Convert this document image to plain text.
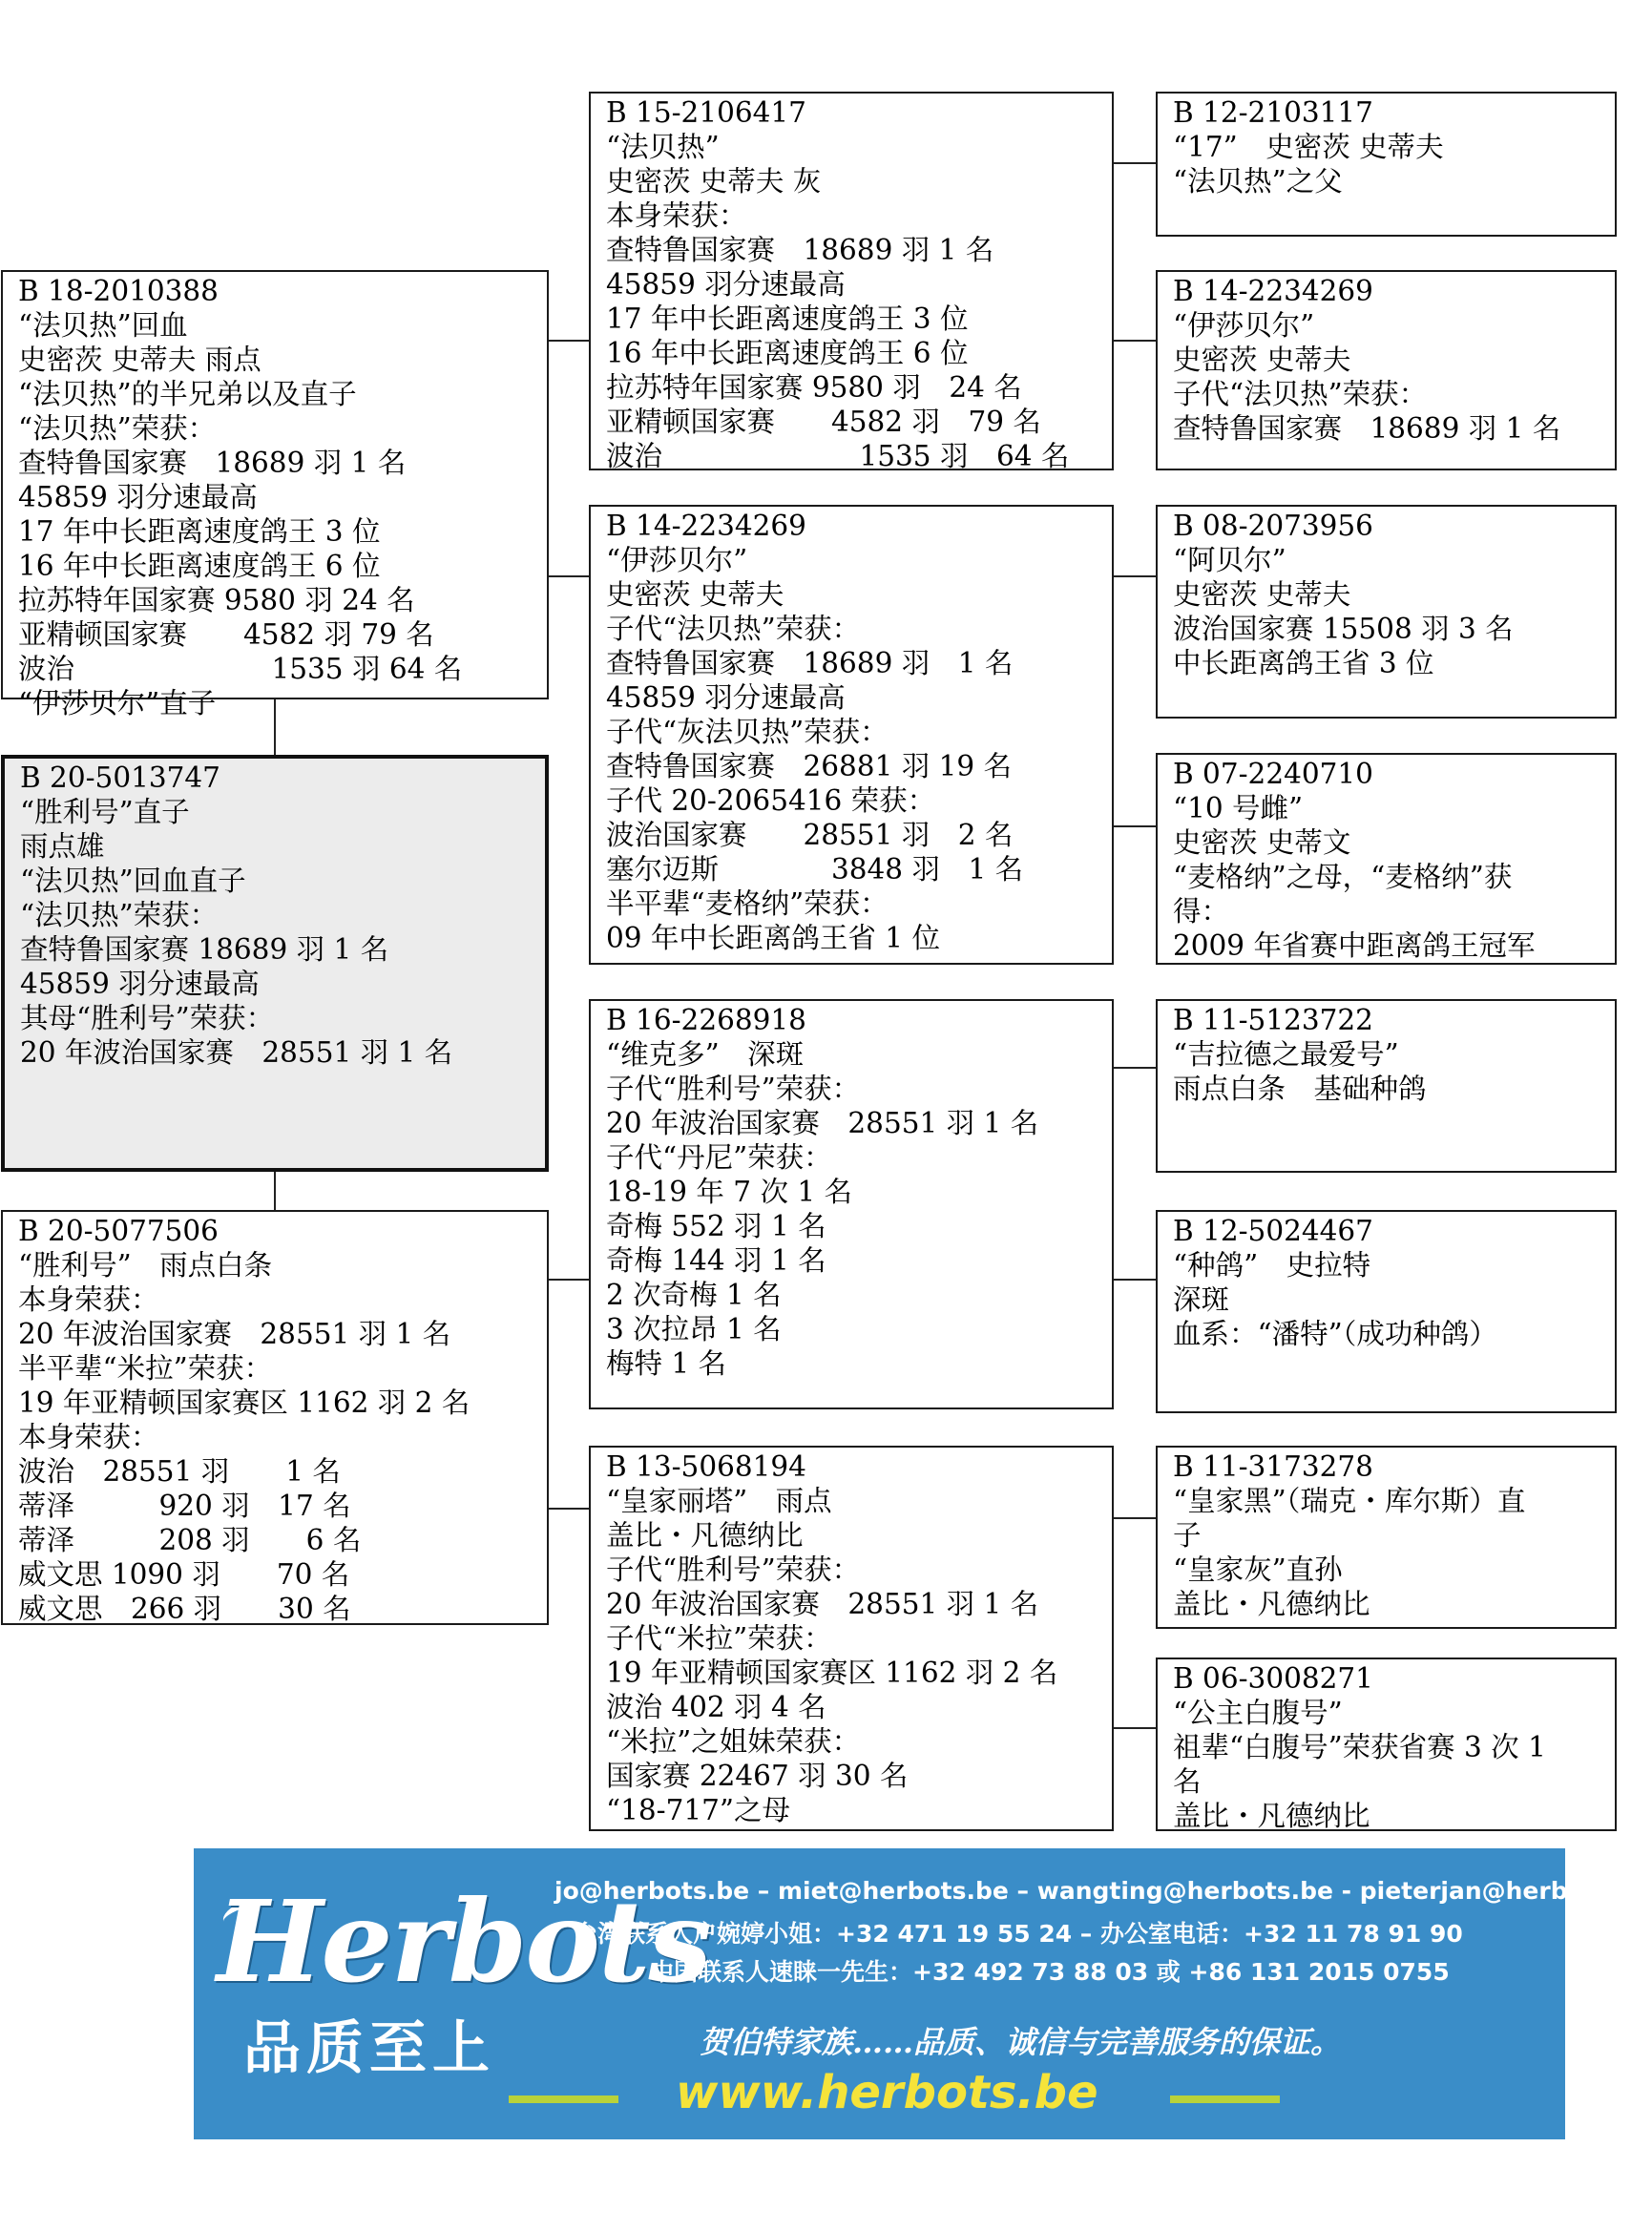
B 20-5013747
“胜利号”直子
雨点雄
“法贝热”回血直子
“法贝热”荣获：
查特鲁国家赛 18689 羽 1 名
45859 羽分速最高
其母“胜利号”荣获：
20 年波治国家赛　28551 羽 1 名
B 18-2010388
“法贝热”回血
史密茨 史蒂夫 雨点
“法贝热”的半兄弟以及直子
“法贝热”荣获：
查特鲁国家赛　18689 羽 1 名
45859 羽分速最高
17 年中长距离速度鸽王 3 位
16 年中长距离速度鸽王 6 位
拉苏特年国家赛 9580 羽 24 名
亚精顿国家赛　　4582 羽 79 名
波治　　　　　　　1535 羽 64 名
“伊莎贝尔”直子
B 20-5077506
“胜利号”　雨点白条
本身荣获：
20 年波治国家赛　28551 羽 1 名
半平辈“米拉”荣获：
19 年亚精顿国家赛区 1162 羽 2 名
本身荣获：
波治　28551 羽　　1 名
蒂泽　　　920 羽　17 名
蒂泽　　　208 羽　　6 名
威文思 1090 羽　　70 名
威文思　266 羽　　30 名
B 15-2106417
“法贝热”
史密茨 史蒂夫 灰
本身荣获：
查特鲁国家赛　18689 羽 1 名
45859 羽分速最高
17 年中长距离速度鸽王 3 位
16 年中长距离速度鸽王 6 位
拉苏特年国家赛 9580 羽　24 名
亚精顿国家赛　　4582 羽　79 名
波治　　　　　　　1535 羽　64 名
B 14-2234269
“伊莎贝尔”
史密茨 史蒂夫
子代“法贝热”荣获：
查特鲁国家赛　18689 羽　1 名
45859 羽分速最高
子代“灰法贝热”荣获：
查特鲁国家赛　26881 羽 19 名
子代 20-2065416 荣获：
波治国家赛　　28551 羽　2 名
塞尔迈斯　　　　3848 羽　1 名
半平辈“麦格纳”荣获：
09 年中长距离鸽王省 1 位
B 16-2268918
“维克多”　深斑
子代“胜利号”荣获：
20 年波治国家赛　28551 羽 1 名
子代“丹尼”荣获：
18-19 年 7 次 1 名
奇梅 552 羽 1 名
奇梅 144 羽 1 名
2 次奇梅 1 名
3 次拉昂 1 名
梅特 1 名
B 13-5068194
“皇家丽塔”　雨点
盖比・凡德纳比
子代“胜利号”荣获：
20 年波治国家赛　28551 羽 1 名
子代“米拉”荣获：
19 年亚精顿国家赛区 1162 羽 2 名
波治 402 羽 4 名
“米拉”之姐妹荣获：
国家赛 22467 羽 30 名
“18-717”之母
B 12-2103117
“17”　史密茨 史蒂夫
“法贝热”之父
B 14-2234269
“伊莎贝尔”
史密茨 史蒂夫
子代“法贝热”荣获：
查特鲁国家赛　18689 羽 1 名
B 08-2073956
“阿贝尔”
史密茨 史蒂夫
波治国家赛 15508 羽 3 名
中长距离鸽王省 3 位
B 07-2240710
“10 号雌”
史密茨 史蒂文
“麦格纳”之母，“麦格纳”获
得：
2009 年省赛中距离鸽王冠军
B 11-5123722
“吉拉德之最爱号”
雨点白条　基础种鸽
B 12-5024467
“种鸽”　史拉特
深斑
血系：“潘特”（成功种鸽）
B 11-3173278
“皇家黑”（瑞克・库尔斯）直
子
“皇家灰”直孙
盖比・凡德纳比
B 06-3008271
“公主白腹号”
祖辈“白腹号”荣获省赛 3 次 1
名
盖比・凡德纳比
Herbots
品质至上
jo@herbots.be – miet@herbots.be – wangting@herbots.be - pieterjan@herbots.be
台湾联系人户婉婷小姐：+32 471 19 55 24 – 办公室电话：+32 11 78 91 90
中国联系人速睐一先生：+32 492 73 88 03 或 +86 131 2015 0755
贺伯特家族……品质、诚信与完善服务的保证。
www.herbots.be
